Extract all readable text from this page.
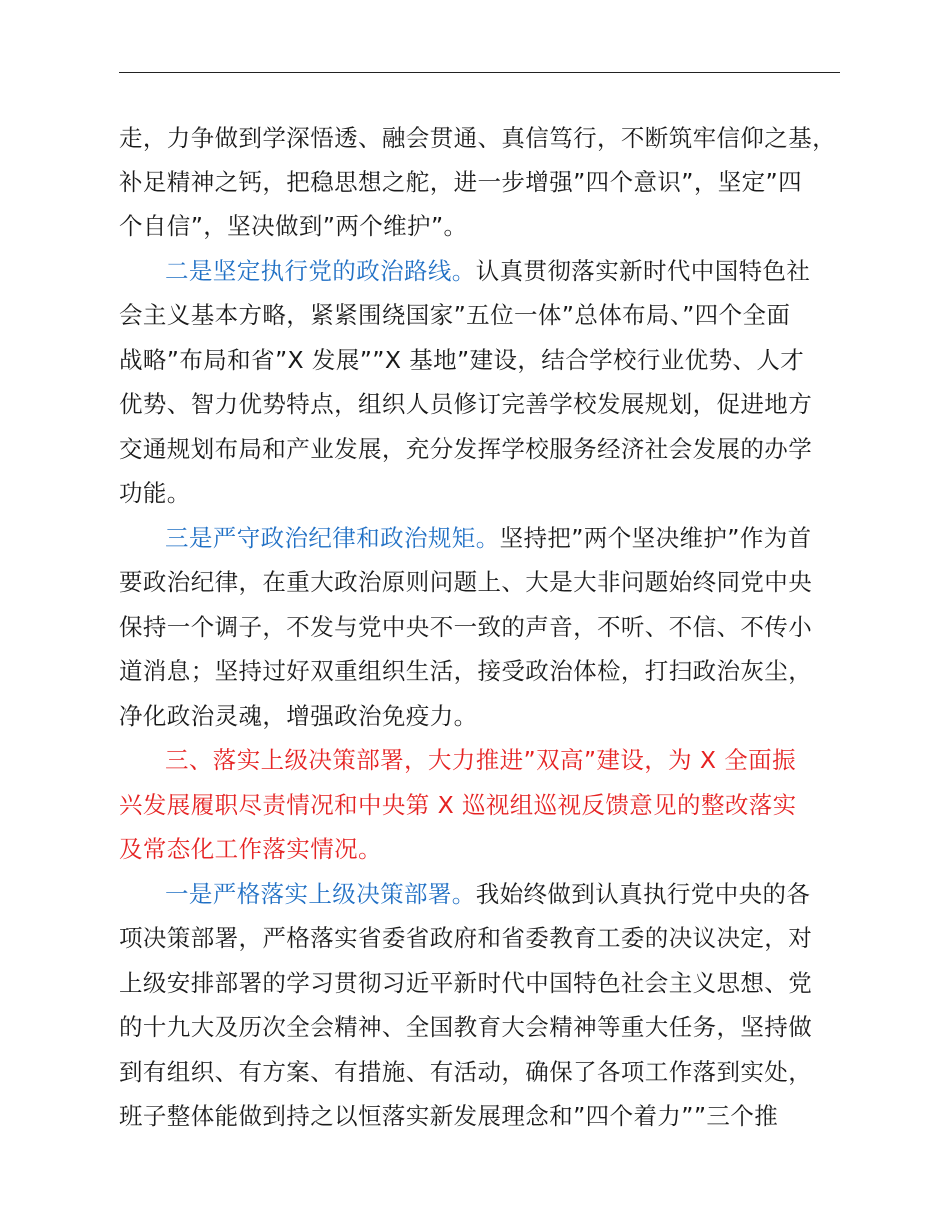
走，力争做到学深悟透、融会贯通、真信笃行，不断筑牢信仰之基，
补足精神之钙，把稳思想之舵，进一步增强”四个意识”，坚定”四
个自信”，坚决做到”两个维护”。
二是坚定执行党的政治路线。认真贯彻落实新时代中国特色社
会主义基本方略，紧紧围绕国家”五位一体”总体布局、”四个全面
战略”布局和省”X 发展””X 基地”建设，结合学校行业优势、人才
优势、智力优势特点，组织人员修订完善学校发展规划，促进地方
交通规划布局和产业发展，充分发挥学校服务经济社会发展的办学
功能。
三是严守政治纪律和政治规矩。坚持把”两个坚决维护”作为首
要政治纪律，在重大政治原则问题上、大是大非问题始终同党中央
保持一个调子，不发与党中央不一致的声音，不听、不信、不传小
道消息；坚持过好双重组织生活，接受政治体检，打扫政治灰尘，
净化政治灵魂，增强政治免疫力。
三、落实上级决策部署，大力推进”双高”建设，为 X 全面振
兴发展履职尽责情况和中央第 X 巡视组巡视反馈意见的整改落实
及常态化工作落实情况。
一是严格落实上级决策部署。我始终做到认真执行党中央的各
项决策部署，严格落实省委省政府和省委教育工委的决议决定，对
上级安排部署的学习贯彻习近平新时代中国特色社会主义思想、党
的十九大及历次全会精神、全国教育大会精神等重大任务，坚持做
到有组织、有方案、有措施、有活动，确保了各项工作落到实处，
班子整体能做到持之以恒落实新发展理念和”四个着力””三个推
